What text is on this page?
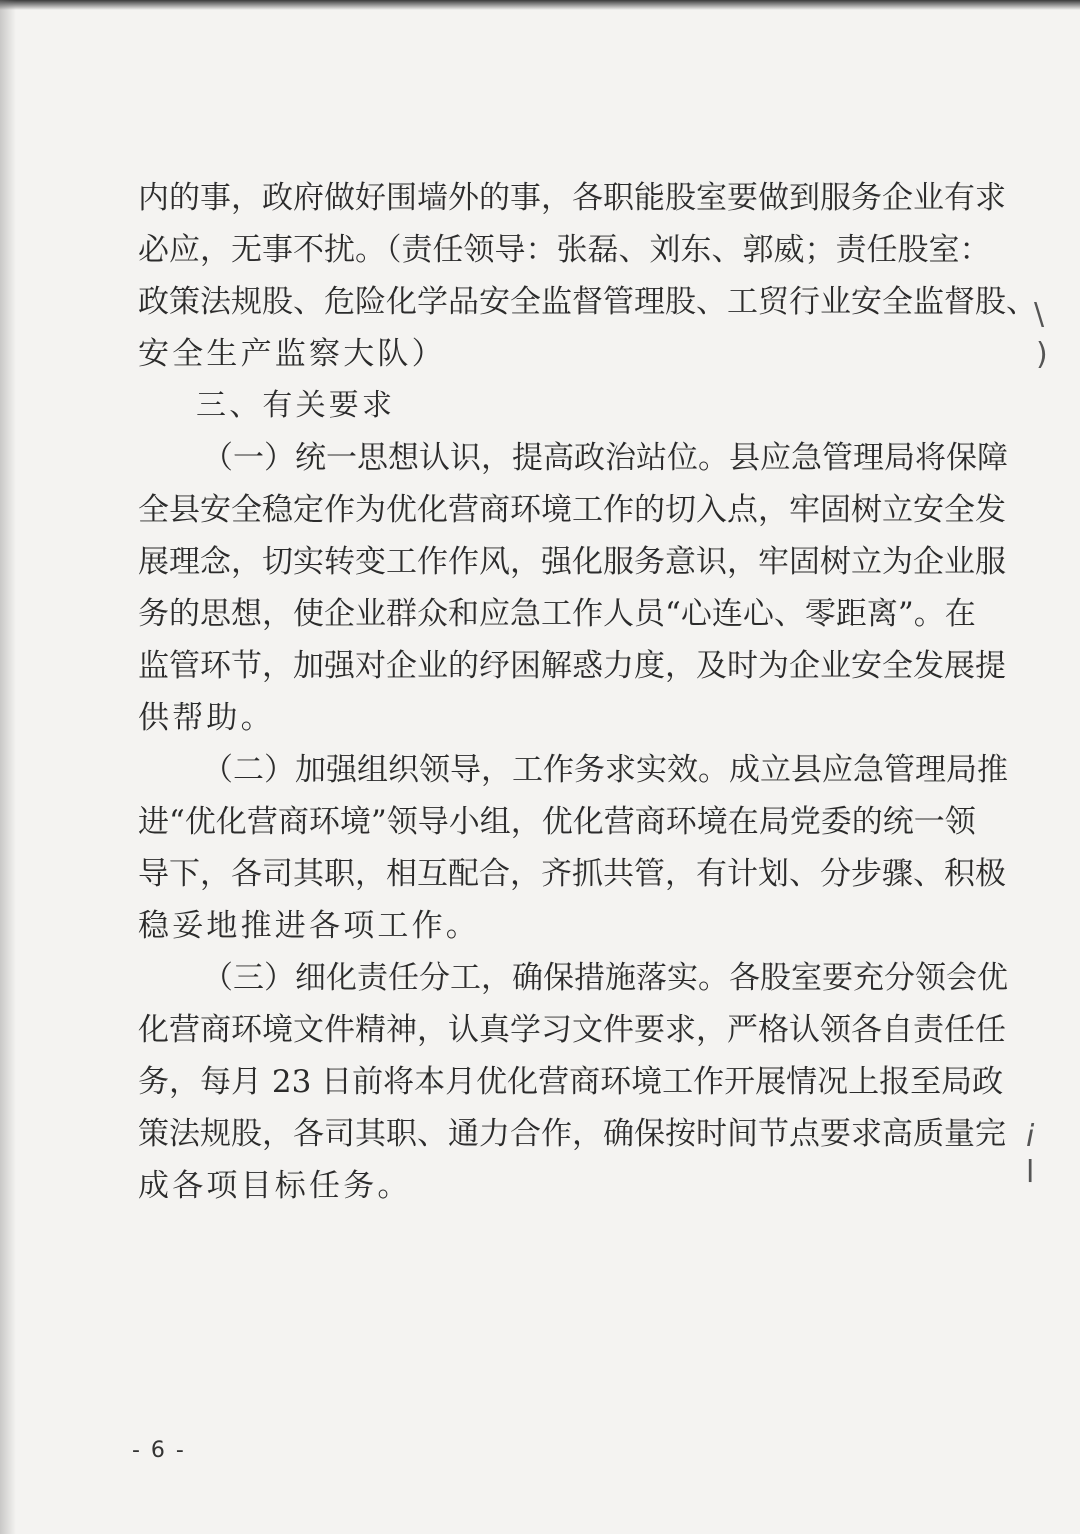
内的事，政府做好围墙外的事，各职能股室要做到服务企业有求
必应，无事不扰。（责任领导：张磊、刘东、郭威；责任股室：
政策法规股、危险化学品安全监督管理股、工贸行业安全监督股、
安全生产监察大队）
三、有关要求
（一）统一思想认识，提高政治站位。县应急管理局将保障
全县安全稳定作为优化营商环境工作的切入点，牢固树立安全发
展理念，切实转变工作作风，强化服务意识，牢固树立为企业服
务的思想，使企业群众和应急工作人员“心连心、零距离”。在
监管环节，加强对企业的纾困解惑力度，及时为企业安全发展提
供帮助。
（二）加强组织领导，工作务求实效。成立县应急管理局推
进“优化营商环境”领导小组，优化营商环境在局党委的统一领
导下，各司其职，相互配合，齐抓共管，有计划、分步骤、积极
稳妥地推进各项工作。
（三）细化责任分工，确保措施落实。各股室要充分领会优
化营商环境文件精神，认真学习文件要求，严格认领各自责任任
务，每月 23 日前将本月优化营商环境工作开展情况上报至局政
策法规股，各司其职、通力合作，确保按时间节点要求高质量完
成各项目标任务。
\
)
i
l
- 6 -
